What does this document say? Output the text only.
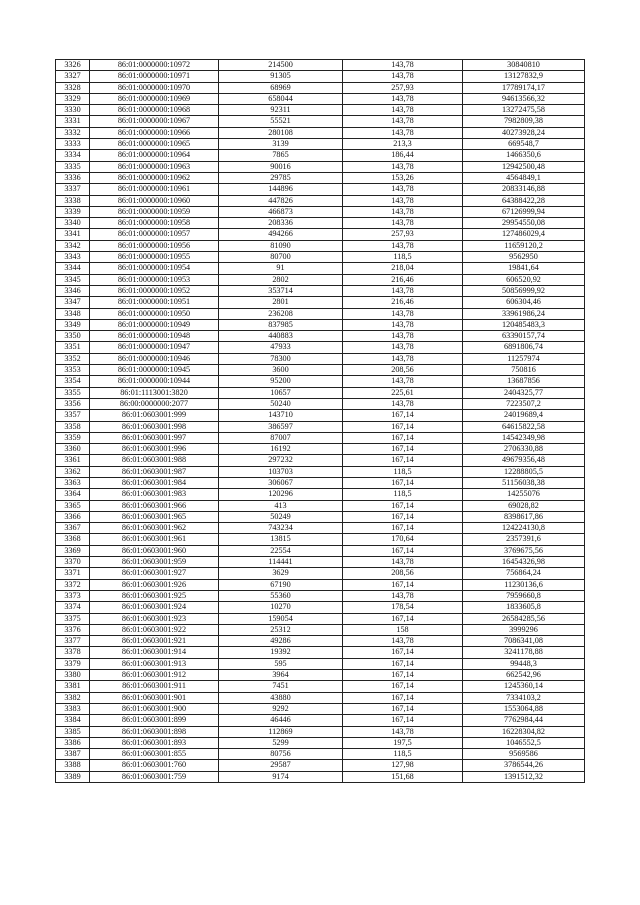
3326	86:01:0000000:10972	214500	143,78	30840810
3327	86:01:0000000:10971	91305	143,78	13127832,9
3328	86:01:0000000:10970	68969	257,93	17789174,17
3329	86:01:0000000:10969	658044	143,78	94613566,32
3330	86:01:0000000:10968	92311	143,78	13272475,58
3331	86:01:0000000:10967	55521	143,78	7982809,38
3332	86:01:0000000:10966	280108	143,78	40273928,24
3333	86:01:0000000:10965	3139	213,3	669548,7
3334	86:01:0000000:10964	7865	186,44	1466350,6
3335	86:01:0000000:10963	90016	143,78	12942500,48
3336	86:01:0000000:10962	29785	153,26	4564849,1
3337	86:01:0000000:10961	144896	143,78	20833146,88
3338	86:01:0000000:10960	447826	143,78	64388422,28
3339	86:01:0000000:10959	466873	143,78	67126999,94
3340	86:01:0000000:10958	208336	143,78	29954550,08
3341	86:01:0000000:10957	494266	257,93	127486029,4
3342	86:01:0000000:10956	81090	143,78	11659120,2
3343	86:01:0000000:10955	80700	118,5	9562950
3344	86:01:0000000:10954	91	218,04	19841,64
3345	86:01:0000000:10953	2802	216,46	606520,92
3346	86:01:0000000:10952	353714	143,78	50856999,92
3347	86:01:0000000:10951	2801	216,46	606304,46
3348	86:01:0000000:10950	236208	143,78	33961986,24
3349	86:01:0000000:10949	837985	143,78	120485483,3
3350	86:01:0000000:10948	440883	143,78	63390157,74
3351	86:01:0000000:10947	47933	143,78	6891806,74
3352	86:01:0000000:10946	78300	143,78	11257974
3353	86:01:0000000:10945	3600	208,56	750816
3354	86:01:0000000:10944	95200	143,78	13687856
3355	86:01:1113001:3820	10657	225,61	2404325,77
3356	86:00:0000000:2077	50240	143,78	7223507,2
3357	86:01:0603001:999	143710	167,14	24019689,4
3358	86:01:0603001:998	386597	167,14	64615822,58
3359	86:01:0603001:997	87007	167,14	14542349,98
3360	86:01:0603001:996	16192	167,14	2706330,88
3361	86:01:0603001:988	297232	167,14	49679356,48
3362	86:01:0603001:987	103703	118,5	12288805,5
3363	86:01:0603001:984	306067	167,14	51156038,38
3364	86:01:0603001:983	120296	118,5	14255076
3365	86:01:0603001:966	413	167,14	69028,82
3366	86:01:0603001:965	50249	167,14	8398617,86
3367	86:01:0603001:962	743234	167,14	124224130,8
3368	86:01:0603001:961	13815	170,64	2357391,6
3369	86:01:0603001:960	22554	167,14	3769675,56
3370	86:01:0603001:959	114441	143,78	16454326,98
3371	86:01:0603001:927	3629	208,56	756864,24
3372	86:01:0603001:926	67190	167,14	11230136,6
3373	86:01:0603001:925	55360	143,78	7959660,8
3374	86:01:0603001:924	10270	178,54	1833605,8
3375	86:01:0603001:923	159054	167,14	26584285,56
3376	86:01:0603001:922	25312	158	3999296
3377	86:01:0603001:921	49286	143,78	7086341,08
3378	86:01:0603001:914	19392	167,14	3241178,88
3379	86:01:0603001:913	595	167,14	99448,3
3380	86:01:0603001:912	3964	167,14	662542,96
3381	86:01:0603001:911	7451	167,14	1245360,14
3382	86:01:0603001:901	43880	167,14	7334103,2
3383	86:01:0603001:900	9292	167,14	1553064,88
3384	86:01:0603001:899	46446	167,14	7762984,44
3385	86:01:0603001:898	112869	143,78	16228304,82
3386	86:01:0603001:893	5299	197,5	1046552,5
3387	86:01:0603001:855	80756	118,5	9569586
3388	86:01:0603001:760	29587	127,98	3786544,26
3389	86:01:0603001:759	9174	151,68	1391512,32
